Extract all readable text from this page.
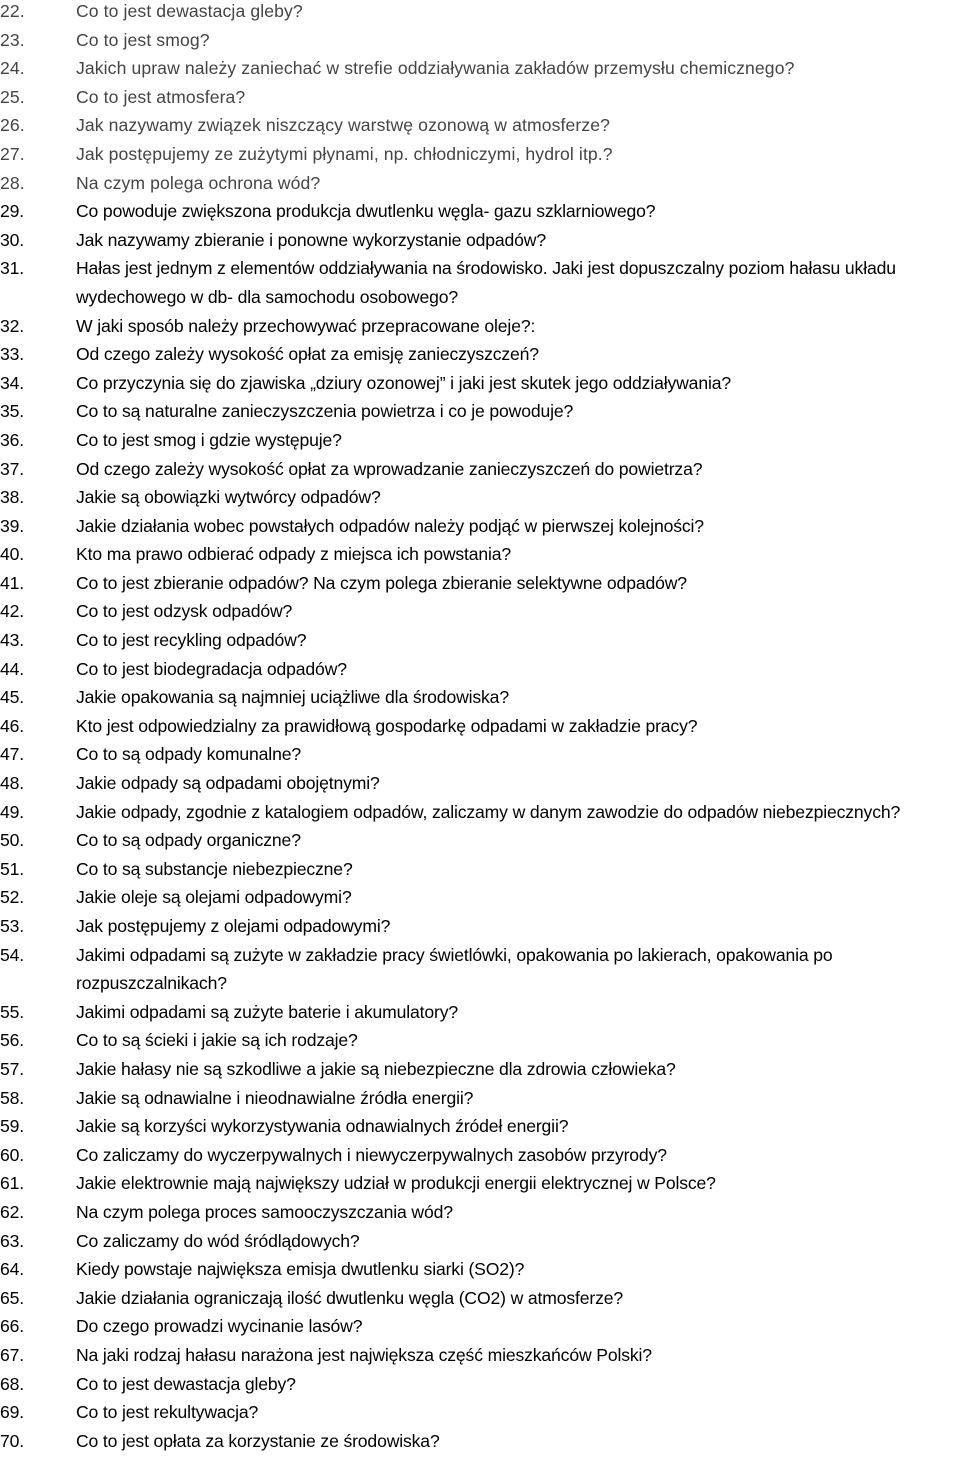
22.	Co to jest dewastacja gleby?
23.	Co to jest smog?
24.	Jakich upraw należy zaniechać w strefie oddziaływania zakładów przemysłu chemicznego?
25.	Co to jest atmosfera?
26.	Jak nazywamy związek niszczący warstwę ozonową w atmosferze?
27.	Jak postępujemy ze zużytymi płynami, np. chłodniczymi, hydrol itp.?
28.	Na czym polega ochrona wód?
29.	Co powoduje zwiększona produkcja dwutlenku węgla- gazu szklarniowego?
30.	Jak nazywamy zbieranie i ponowne wykorzystanie odpadów?
31.	Hałas jest jednym z elementów oddziaływania na środowisko. Jaki jest dopuszczalny poziom hałasu układu wydechowego w db- dla samochodu osobowego?
32.	W jaki sposób należy przechowywać przepracowane oleje?:
33.	Od czego zależy wysokość opłat za emisję zanieczyszczeń?
34.	Co przyczynia się do zjawiska „dziury ozonowej” i jaki jest skutek jego oddziaływania?
35.	Co to są naturalne zanieczyszczenia powietrza i co je powoduje?
36.	Co to jest smog i gdzie występuje?
37.	Od czego zależy wysokość opłat za wprowadzanie zanieczyszczeń do powietrza?
38.	Jakie są obowiązki wytwórcy odpadów?
39.	Jakie działania wobec powstałych odpadów należy podjąć w pierwszej kolejności?
40.	Kto ma prawo odbierać odpady z miejsca ich powstania?
41.	Co to jest zbieranie odpadów? Na czym polega zbieranie selektywne odpadów?
42.	Co to jest odzysk odpadów?
43.	Co to jest recykling odpadów?
44.	Co to jest biodegradacja odpadów?
45.	Jakie opakowania są najmniej uciążliwe dla środowiska?
46.	Kto jest odpowiedzialny za prawidłową gospodarkę odpadami w zakładzie pracy?
47.	Co to są odpady komunalne?
48.	Jakie odpady są odpadami obojętnymi?
49.	Jakie odpady, zgodnie z katalogiem odpadów, zaliczamy w danym zawodzie do odpadów niebezpiecznych?
50.	Co to są odpady organiczne?
51.	Co to są substancje niebezpieczne?
52.	Jakie oleje są olejami odpadowymi?
53.	Jak postępujemy z olejami odpadowymi?
54.	Jakimi odpadami są zużyte w zakładzie pracy świetlówki, opakowania po lakierach, opakowania po rozpuszczalnikach?
55.	Jakimi odpadami są zużyte baterie i akumulatory?
56.	Co to są ścieki i jakie są ich rodzaje?
57.	Jakie hałasy nie są szkodliwe a jakie są niebezpieczne dla zdrowia człowieka?
58.	Jakie są odnawialne i nieodnawialne źródła energii?
59.	Jakie są korzyści wykorzystywania odnawialnych źródeł energii?
60.	Co zaliczamy do wyczerpywalnych i niewyczerpywalnych zasobów przyrody?
61.	Jakie elektrownie mają największy udział w produkcji energii elektrycznej w Polsce?
62.	Na czym polega proces samooczyszczania wód?
63.	Co zaliczamy do wód śródlądowych?
64.	Kiedy powstaje największa emisja dwutlenku siarki (SO2)?
65.	Jakie działania ograniczają ilość dwutlenku węgla (CO2) w atmosferze?
66.	Do czego prowadzi wycinanie lasów?
67.	Na jaki rodzaj hałasu narażona jest największa część mieszkańców Polski?
68.	Co to jest dewastacja gleby?
69.	Co to jest rekultywacja?
70.	Co to jest opłata za korzystanie ze środowiska?
